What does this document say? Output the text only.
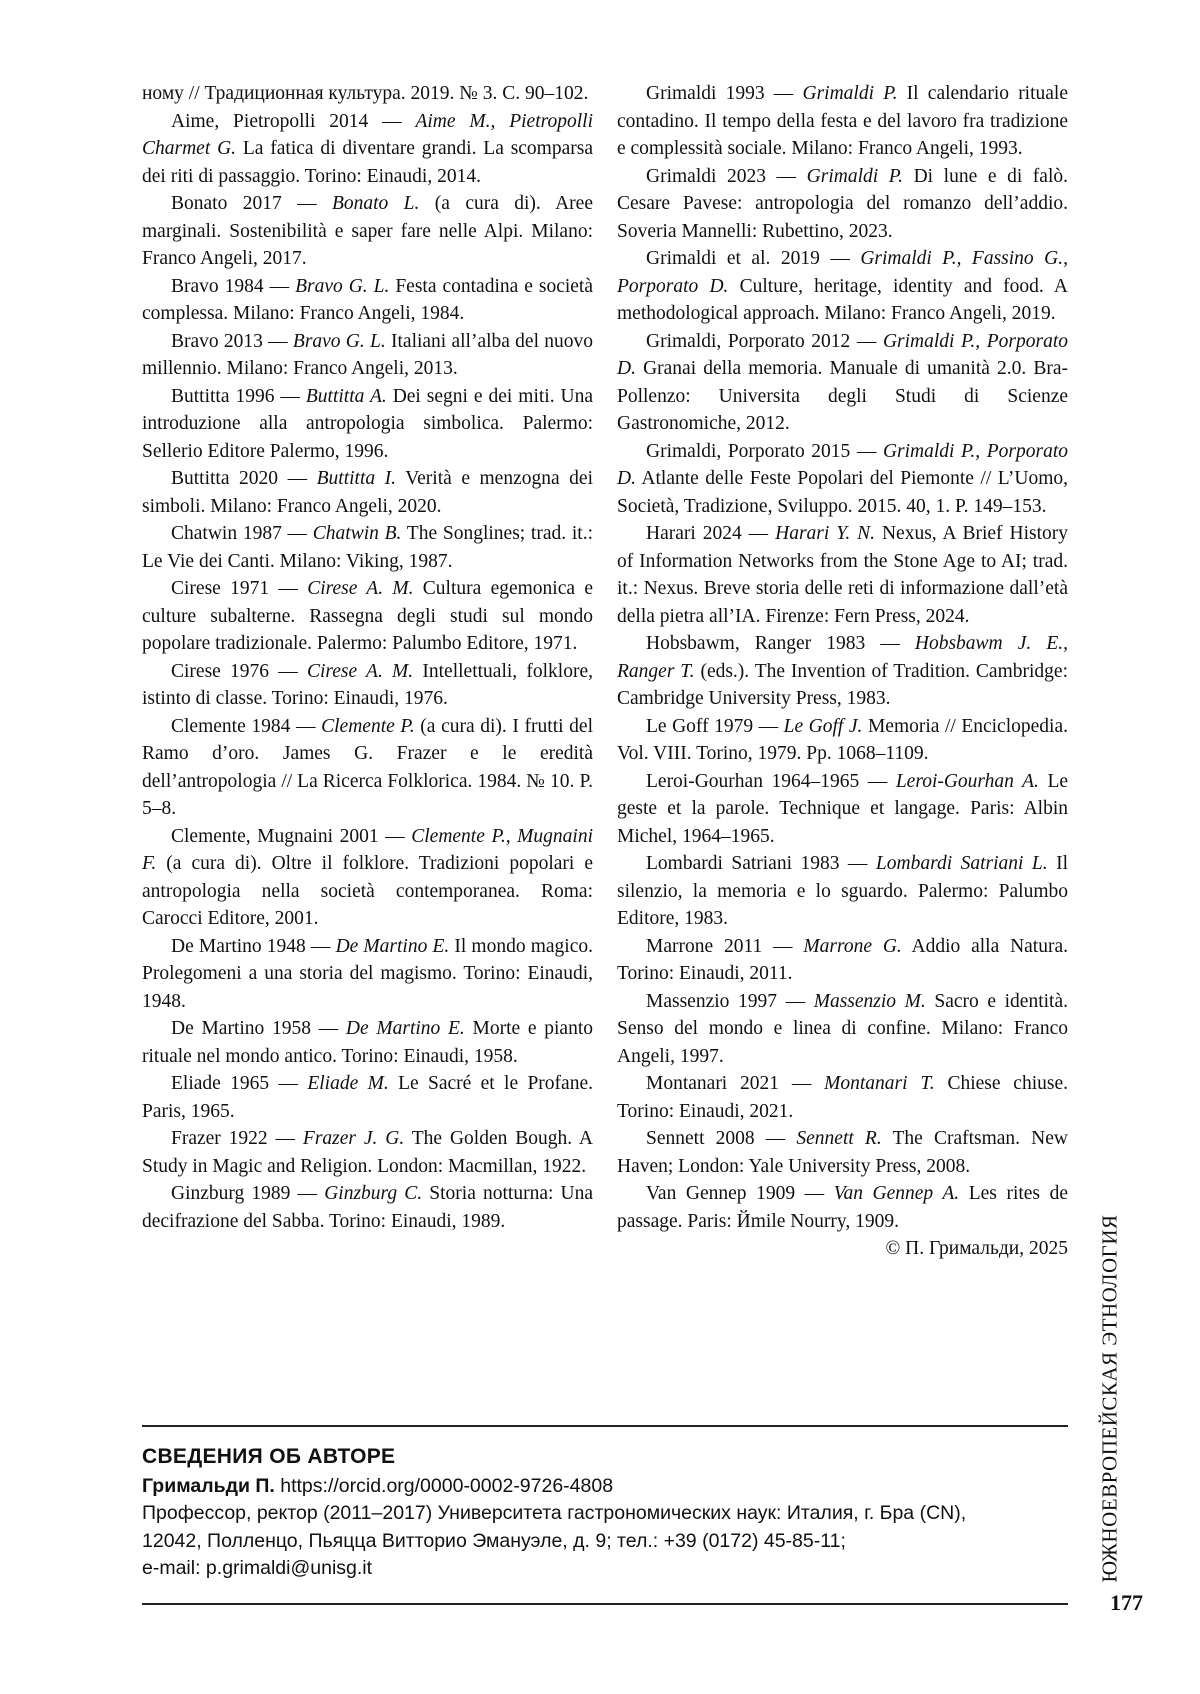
ному // Традиционная культура. 2019. № 3. С. 90–102.

Aime, Pietropolli 2014 — Aime M., Pietropolli Charmet G. La fatica di diventare grandi. La scomparsa dei riti di passaggio. Torino: Einaudi, 2014.

Bonato 2017 — Bonato L. (a cura di). Aree marginali. Sostenibilità e saper fare nelle Alpi. Milano: Franco Angeli, 2017.

Bravo 1984 — Bravo G. L. Festa contadina e società complessa. Milano: Franco Angeli, 1984.

Bravo 2013 — Bravo G. L. Italiani all’alba del nuovo millennio. Milano: Franco Angeli, 2013.

Buttitta 1996 — Buttitta A. Dei segni e dei miti. Una introduzione alla antropologia simbolica. Palermo: Sellerio Editore Palermo, 1996.

Buttitta 2020 — Buttitta I. Verità e menzogna dei simboli. Milano: Franco Angeli, 2020.

Chatwin 1987 — Chatwin B. The Songlines; trad. it.: Le Vie dei Canti. Milano: Viking, 1987.

Cirese 1971 — Cirese A. M. Cultura egemonica e culture subalterne. Rassegna degli studi sul mondo popolare tradizionale. Palermo: Palumbo Editore, 1971.

Cirese 1976 — Cirese A. M. Intellettuali, folklore, istinto di classe. Torino: Einaudi, 1976.

Clemente 1984 — Clemente P. (a cura di). I frutti del Ramo d’oro. James G. Frazer e le eredità dell’antropologia // La Ricerca Folklorica. 1984. № 10. P. 5–8.

Clemente, Mugnaini 2001 — Clemente P., Mugnaini F. (a cura di). Oltre il folklore. Tradizioni popolari e antropologia nella società contemporanea. Roma: Carocci Editore, 2001.

De Martino 1948 — De Martino E. Il mondo magico. Prolegomeni a una storia del magismo. Torino: Einaudi, 1948.

De Martino 1958 — De Martino E. Morte e pianto rituale nel mondo antico. Torino: Einaudi, 1958.

Eliade 1965 — Eliade M. Le Sacré et le Profane. Paris, 1965.

Frazer 1922 — Frazer J. G. The Golden Bough. A Study in Magic and Religion. London: Macmillan, 1922.

Ginzburg 1989 — Ginzburg C. Storia notturna: Una decifrazione del Sabba. Torino: Einaudi, 1989.

Grimaldi 1993 — Grimaldi P. Il calendario rituale contadino. Il tempo della festa e del lavoro fra tradizione e complessità sociale. Milano: Franco Angeli, 1993.

Grimaldi 2023 — Grimaldi P. Di lune e di falò. Cesare Pavese: antropologia del romanzo dell’addio. Soveria Mannelli: Rubettino, 2023.

Grimaldi et al. 2019 — Grimaldi P., Fassino G., Porporato D. Culture, heritage, identity and food. A methodological approach. Milano: Franco Angeli, 2019.

Grimaldi, Porporato 2012 — Grimaldi P., Porporato D. Granai della memoria. Manuale di umanità 2.0. Bra-Pollenzo: Universita degli Studi di Scienze Gastronomiche, 2012.

Grimaldi, Porporato 2015 — Grimaldi P., Porporato D. Atlante delle Feste Popolari del Piemonte // L’Uomo, Società, Tradizione, Sviluppo. 2015. 40, 1. P. 149–153.

Harari 2024 — Harari Y. N. Nexus, A Brief History of Information Networks from the Stone Age to AI; trad. it.: Nexus. Breve storia delle reti di informazione dall’età della pietra all’IA. Firenze: Fern Press, 2024.

Hobsbawm, Ranger 1983 — Hobsbawm J. E., Ranger T. (eds.). The Invention of Tradition. Cambridge: Cambridge University Press, 1983.

Le Goff 1979 — Le Goff J. Memoria // Enciclopedia. Vol. VIII. Torino, 1979. Pp. 1068–1109.

Leroi-Gourhan 1964–1965 — Leroi-Gourhan A. Le geste et la parole. Technique et langage. Paris: Albin Michel, 1964–1965.

Lombardi Satriani 1983 — Lombardi Satriani L. Il silenzio, la memoria e lo sguardo. Palermo: Palumbo Editore, 1983.

Marrone 2011 — Marrone G. Addio alla Natura. Torino: Einaudi, 2011.

Massenzio 1997 — Massenzio M. Sacro e identità. Senso del mondo e linea di confine. Milano: Franco Angeli, 1997.

Montanari 2021 — Montanari T. Chiese chiuse. Torino: Einaudi, 2021.

Sennett 2008 — Sennett R. The Craftsman. New Haven; London: Yale University Press, 2008.

Van Gennep 1909 — Van Gennep A. Les rites de passage. Paris: Йmile Nourry, 1909.

© П. Гримальди, 2025

СВЕДЕНИЯ ОБ АВТОРЕ

Гримальди П. https://orcid.org/0000-0002-9726-4808

Профессор, ректор (2011–2017) Университета гастрономических наук: Италия, г. Бра (CN),

12042, Полленцо, Пьяцца Витторио Эмануэле, д. 9; тел.: +39 (0172) 45-85-11;

e-mail: p.grimaldi@unisg.it	ЮЖНОЕВРОПЕЙСКАЯ ЭТНОЛОГИЯ
177
